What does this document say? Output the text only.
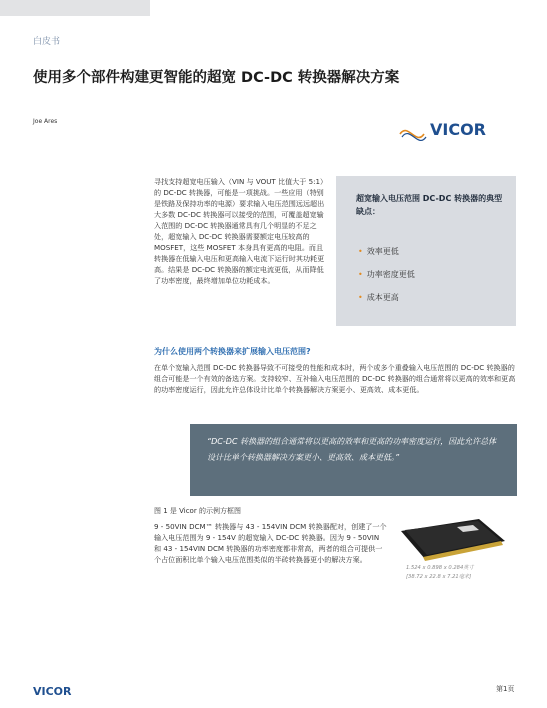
白皮书
使用多个部件构建更智能的超宽 DC-DC 转换器解决方案
Joe Ares	VICOR
寻找支持超宽电压输入（VIN 与 VOUT 比值大于 5:1）的 DC-DC 转换器，可能是一项挑战。一些应用（特别是铁路及保持功率的电源）要求输入电压范围远远超出大多数 DC-DC 转换器可以接受的范围，可覆盖超宽输入范围的 DC-DC 转换器通常具有几个明显的不足之处，超宽输入 DC-DC 转换器需要额定电压较高的 MOSFET，这些 MOSFET 本身具有更高的电阻。而且转换器在低输入电压和更高输入电流下运行时其功耗更高。结果是 DC-DC 转换器的额定电流更低，从而降低了功率密度，最终增加单位功耗成本。
超宽输入电压范围 DC-DC 转换器的典型缺点：
• 效率更低
• 功率密度更低
• 成本更高
为什么使用两个转换器来扩展输入电压范围?
在单个宽输入范围 DC-DC 转换器导致不可接受的性能和成本时，两个或多个重叠输入电压范围的 DC-DC 转换器的组合可能是一个有效的备选方案。支持较窄、互补输入电压范围的 DC-DC 转换器的组合通常将以更高的效率和更高的功率密度运行，因此允许总体设计比单个转换器解决方案更小、更高效、成本更低。
“DC-DC 转换器的组合通常将以更高的效率和更高的功率密度运行，因此允许总体设计比单个转换器解决方案更小、更高效、成本更低。”
图 1 是 Vicor 的示例方框图
9 - 50VIN DCM™ 转换器与 43 - 154VIN DCM 转换器配对，创建了一个输入电压范围为 9 - 154V 的超宽输入 DC-DC 转换器。因为 9 - 50VIN 和 43 - 154VIN DCM 转换器的功率密度都非常高，两者的组合可提供一个占位面积比单个输入电压范围类似的半砖转换器更小的解决方案。
1.524 x 0.898 x 0.284英寸
[38.72 x 22.8 x 7.21毫米]
VICOR	第1页
